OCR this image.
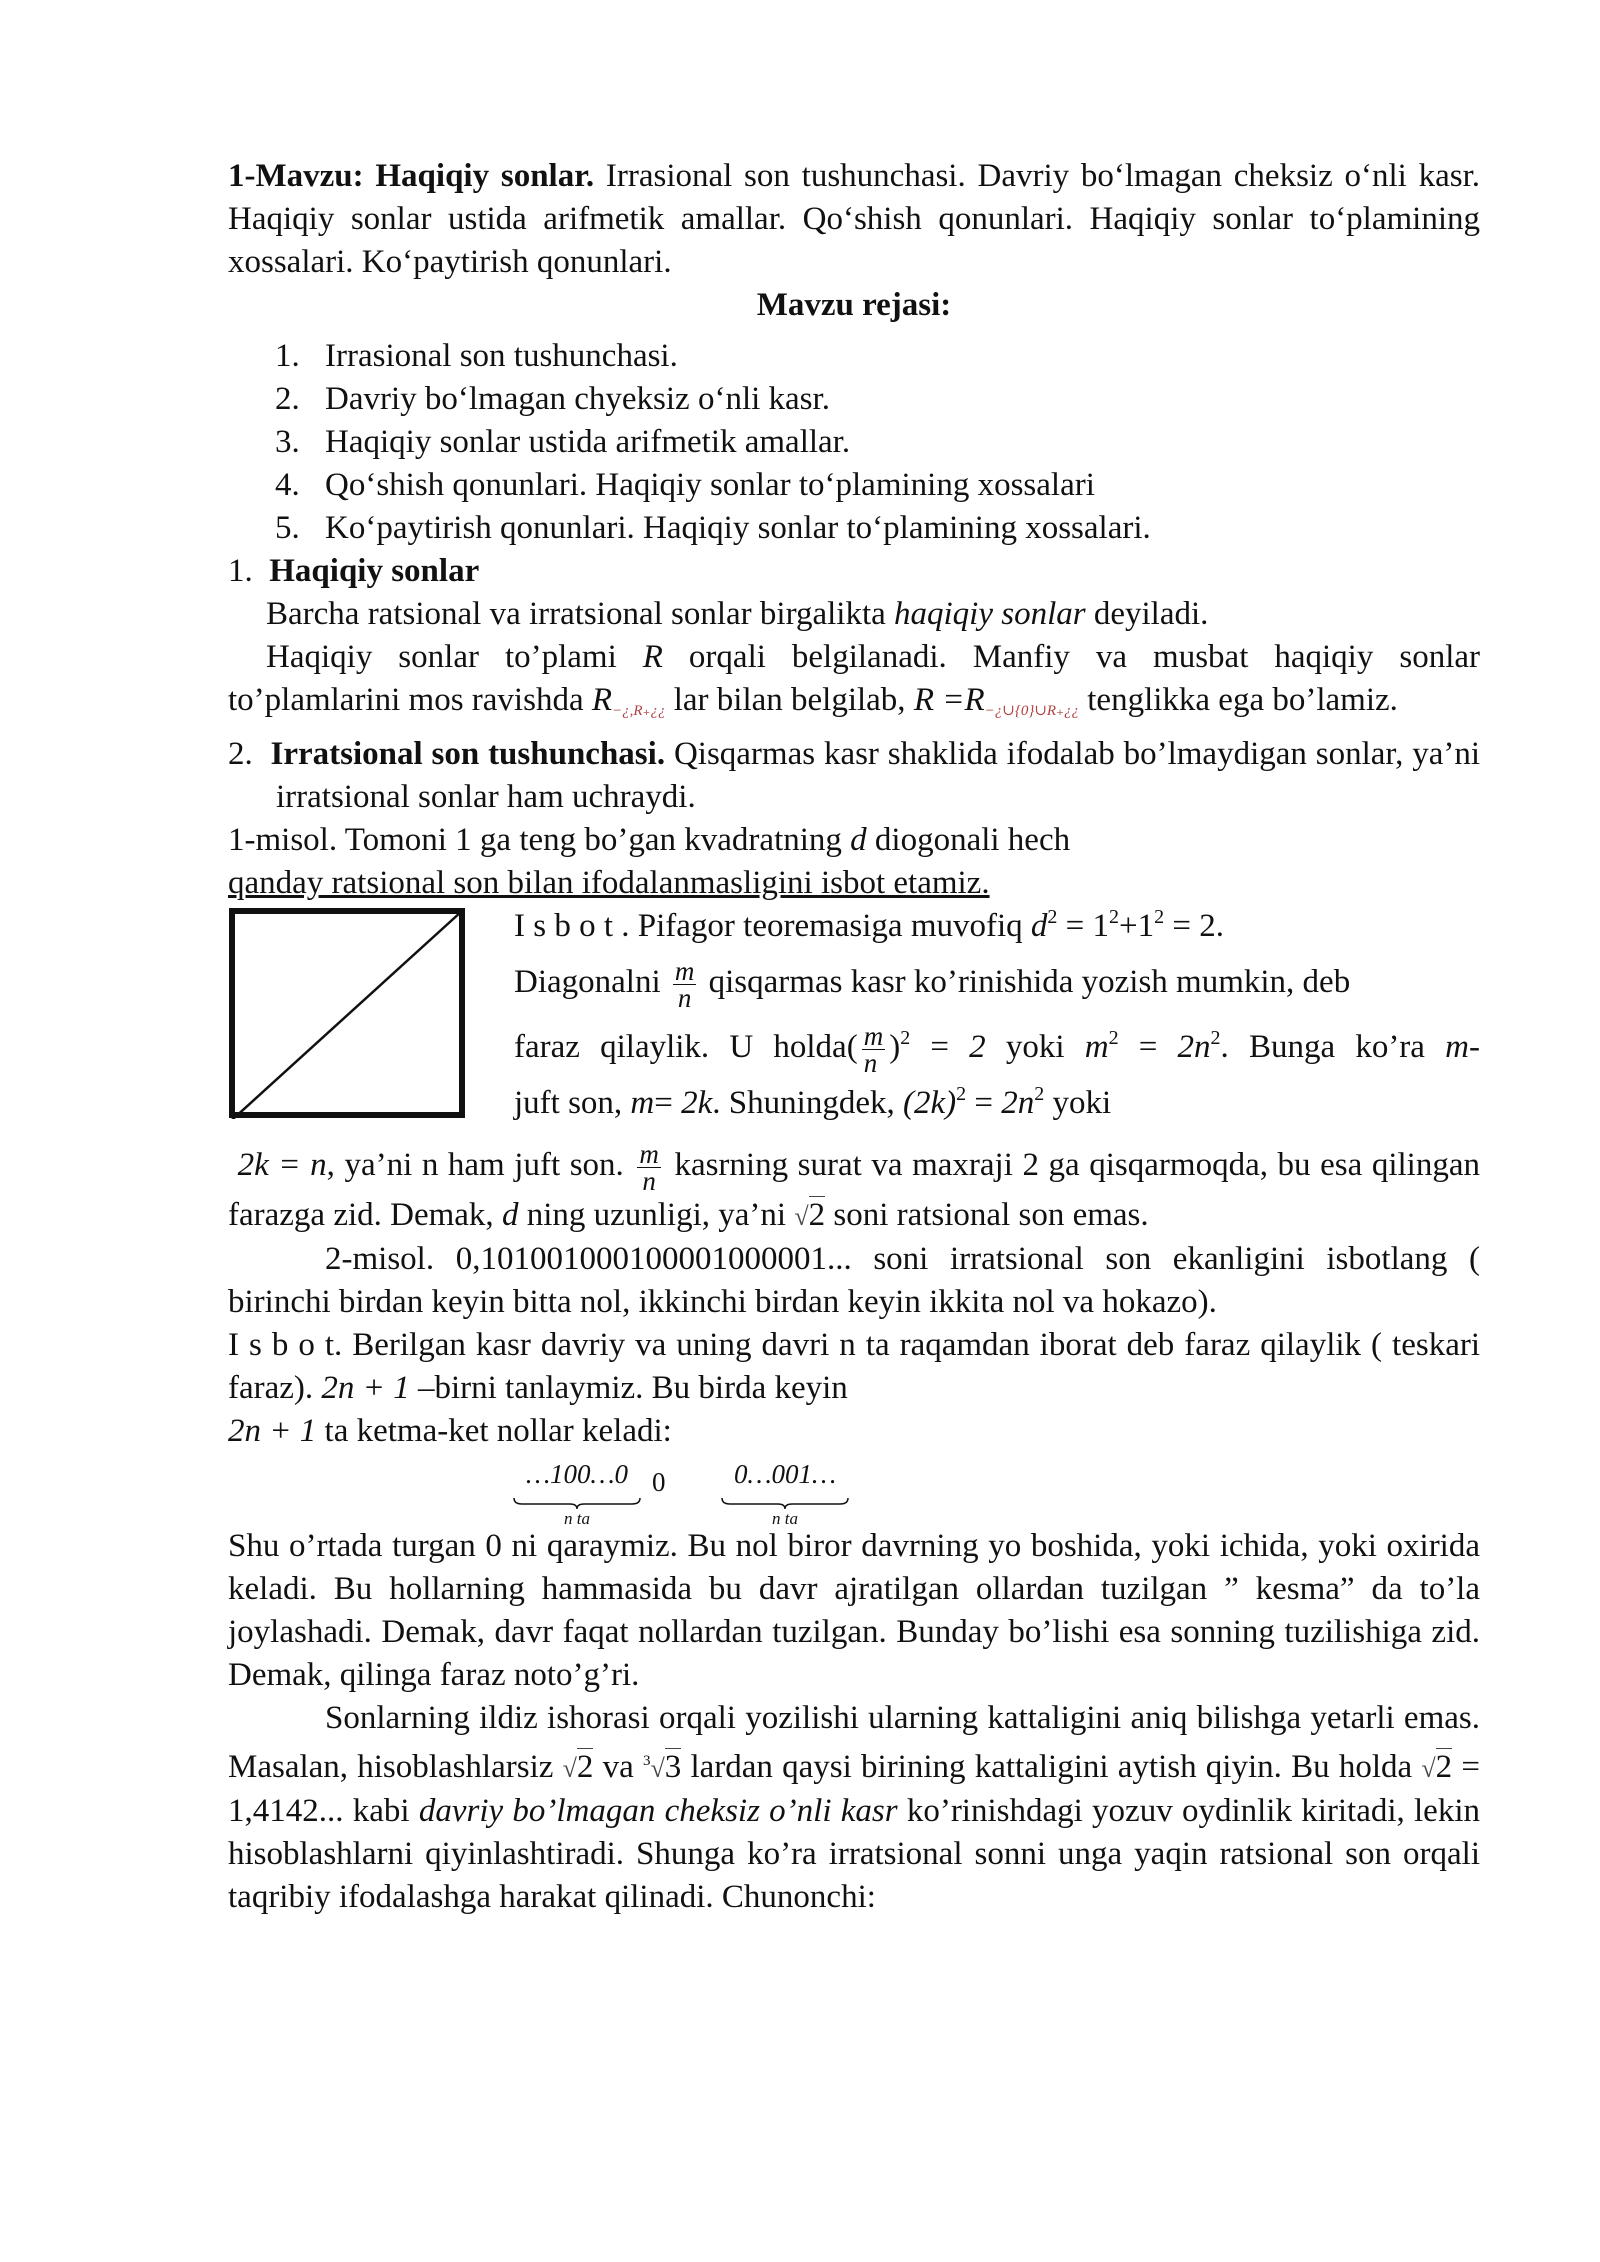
1-Mavzu: Haqiqiy sonlar. Irrasional son tushunchasi. Davriy bo‘lmagan cheksiz o‘nli kasr. Haqiqiy sonlar ustida arifmetik amallar. Qo‘shish qonunlari. Haqiqiy sonlar to‘plamining xossalari. Ko‘paytirish qonunlari.

Mavzu rejasi:

1. Irrasional son tushunchasi.
2. Davriy bo‘lmagan chyeksiz o‘nli kasr.
3. Haqiqiy sonlar ustida arifmetik amallar.
4. Qo‘shish qonunlari. Haqiqiy sonlar to‘plamining xossalari
5. Ko‘paytirish qonunlari. Haqiqiy sonlar to‘plamining xossalari.

1. Haqiqiy sonlar

Barcha ratsional va irratsional sonlar birgalikta haqiqiy sonlar deyiladi.

Haqiqiy sonlar to’plami R orqali belgilanadi. Manfiy va musbat haqiqiy sonlar to’plamlarini mos ravishda R−¿,R₊¿¿ lar bilan belgilab, R =R−¿∪{0}∪R₊¿¿ tenglikka ega bo’lamiz.

2. Irratsional son tushunchasi. Qisqarmas kasr shaklida ifodalab bo’lmaydigan sonlar, ya’ni irratsional sonlar ham uchraydi.

1-misol. Tomoni 1 ga teng bo’gan kvadratning d diogonali hech
qanday ratsional son bilan ifodalanmasligini isbot etamiz.

I s b o t . Pifagor teoremasiga muvofiq $d^2 = 1^2+1^2 = 2$.

Diagonalni $\frac{m}{n}$ qisqarmas kasr ko’rinishida yozish mumkin, deb

faraz qilaylik. U holda( $\frac{m}{n} )^2 = 2$ yoki $m^2 = 2n^2$. Bunga ko’ra m-

juft son, m= 2k. Shuningdek, $(2k)^2 = 2n^2$ yoki

2k = n, ya’ni n ham juft son. $\frac{m}{n}$ kasrning surat va maxraji 2 ga qisqarmoqda, bu esa qilingan farazga zid. Demak, d ning uzunligi, ya’ni √2 soni ratsional son emas.

2-misol. 0,101001000100001000001... soni irratsional son ekanligini isbotlang ( birinchi birdan keyin bitta nol, ikkinchi birdan keyin ikkita nol va hokazo).

I s b o t. Berilgan kasr davriy va uning davri n ta raqamdan iborat deb faraz qilaylik ( teskari faraz). 2n + 1 –birni tanlaymiz. Bu birda keyin
2n + 1 ta ketma-ket nollar keladi:

…100…0
n ta
0	0…001…
n ta

Shu o’rtada turgan 0 ni qaraymiz. Bu nol biror davrning yo boshida, yoki ichida, yoki oxirida keladi. Bu hollarning hammasida bu davr ajratilgan ollardan tuzilgan ” kesma” da to’la joylashadi. Demak, davr faqat nollardan tuzilgan. Bunday bo’lishi esa sonning tuzilishiga zid. Demak, qilinga faraz noto’g’ri.

Sonlarning ildiz ishorasi orqali yozilishi ularning kattaligini aniq bilishga yetarli emas. Masalan, hisoblashlarsiz √2 va $^3$√3 lardan qaysi birining kattaligini aytish qiyin. Bu holda √2 = 1,4142... kabi davriy bo’lmagan cheksiz o’nli kasr ko’rinishdagi yozuv oydinlik kiritadi, lekin hisoblashlarni qiyinlashtiradi. Shunga ko’ra irratsional sonni unga yaqin ratsional son orqali taqribiy ifodalashga harakat qilinadi. Chunonchi:
